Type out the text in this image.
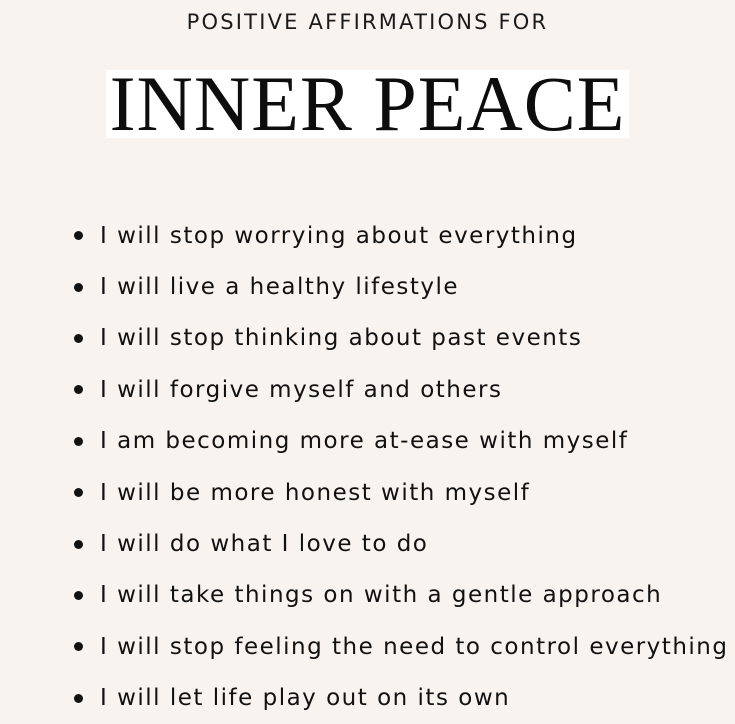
POSITIVE AFFIRMATIONS FOR
INNER PEACE
I will stop worrying about everything
I will live a healthy lifestyle
I will stop thinking about past events
I will forgive myself and others
I am becoming more at-ease with myself
I will be more honest with myself
I will do what I love to do
I will take things on with a gentle approach
I will stop feeling the need to control everything
I will let life play out on its own
